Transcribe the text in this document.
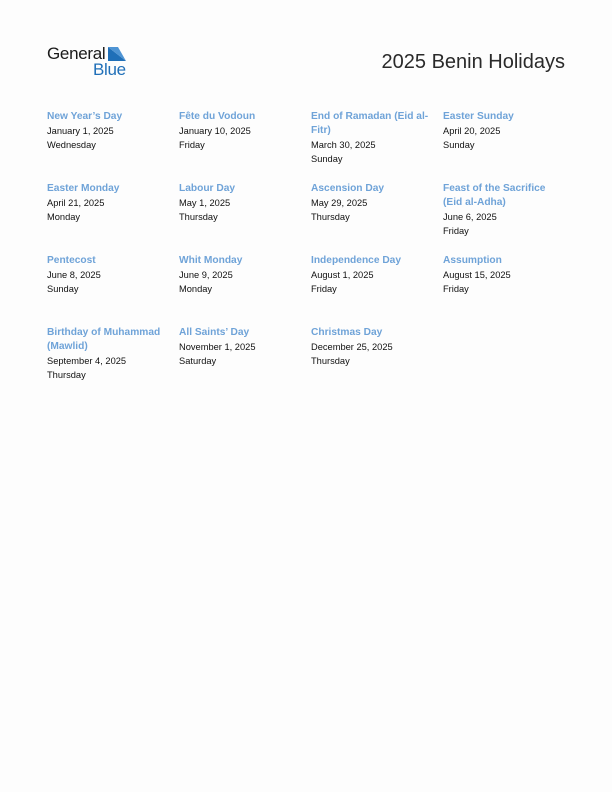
General
Blue	2025 Benin Holidays
New Year’s Day
January 1, 2025
Wednesday
Fête du Vodoun
January 10, 2025
Friday
End of Ramadan (Eid al-Fitr)
March 30, 2025
Sunday
Easter Sunday
April 20, 2025
Sunday
Easter Monday
April 21, 2025
Monday
Labour Day
May 1, 2025
Thursday
Ascension Day
May 29, 2025
Thursday
Feast of the Sacrifice (Eid al-Adha)
June 6, 2025
Friday
Pentecost
June 8, 2025
Sunday
Whit Monday
June 9, 2025
Monday
Independence Day
August 1, 2025
Friday
Assumption
August 15, 2025
Friday
Birthday of Muhammad (Mawlid)
September 4, 2025
Thursday
All Saints’ Day
November 1, 2025
Saturday
Christmas Day
December 25, 2025
Thursday
